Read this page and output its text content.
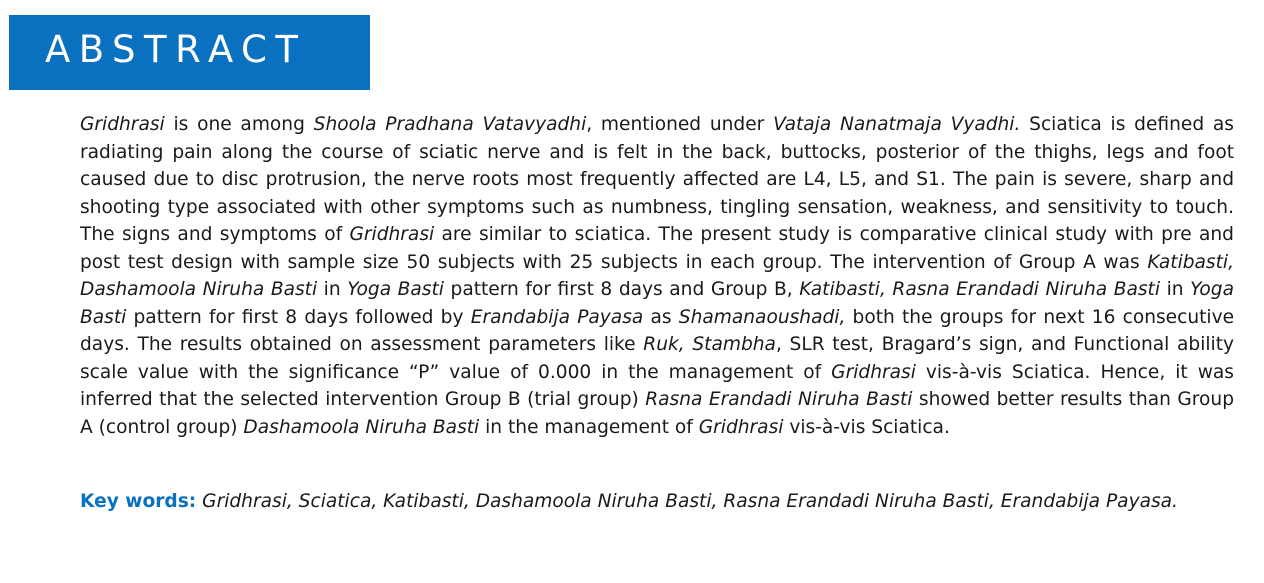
ABSTRACT

Gridhrasi is one among Shoola Pradhana Vatavyadhi, mentioned under Vataja Nanatmaja Vyadhi. Sciatica is defined as radiating pain along the course of sciatic nerve and is felt in the back, buttocks, posterior of the thighs, legs and foot caused due to disc protrusion, the nerve roots most frequently affected are L4, L5, and S1. The pain is severe, sharp and shooting type associated with other symptoms such as numbness, tingling sensation, weakness, and sensitivity to touch. The signs and symptoms of Gridhrasi are similar to sciatica. The present study is comparative clinical study with pre and post test design with sample size 50 subjects with 25 subjects in each group. The intervention of Group A was Katibasti, Dashamoola Niruha Basti in Yoga Basti pattern for first 8 days and Group B, Katibasti, Rasna Erandadi Niruha Basti in Yoga Basti pattern for first 8 days followed by Erandabija Payasa as Shamanaoushadi, both the groups for next 16 consecutive days. The results obtained on assessment parameters like Ruk, Stambha, SLR test, Bragard’s sign, and Functional ability scale value with the significance “P” value of 0.000 in the management of Gridhrasi vis-à-vis Sciatica. Hence, it was inferred that the selected intervention Group B (trial group) Rasna Erandadi Niruha Basti showed better results than Group A (control group) Dashamoola Niruha Basti in the management of Gridhrasi vis-à-vis Sciatica.

Key words: Gridhrasi, Sciatica, Katibasti, Dashamoola Niruha Basti, Rasna Erandadi Niruha Basti, Erandabija Payasa.
